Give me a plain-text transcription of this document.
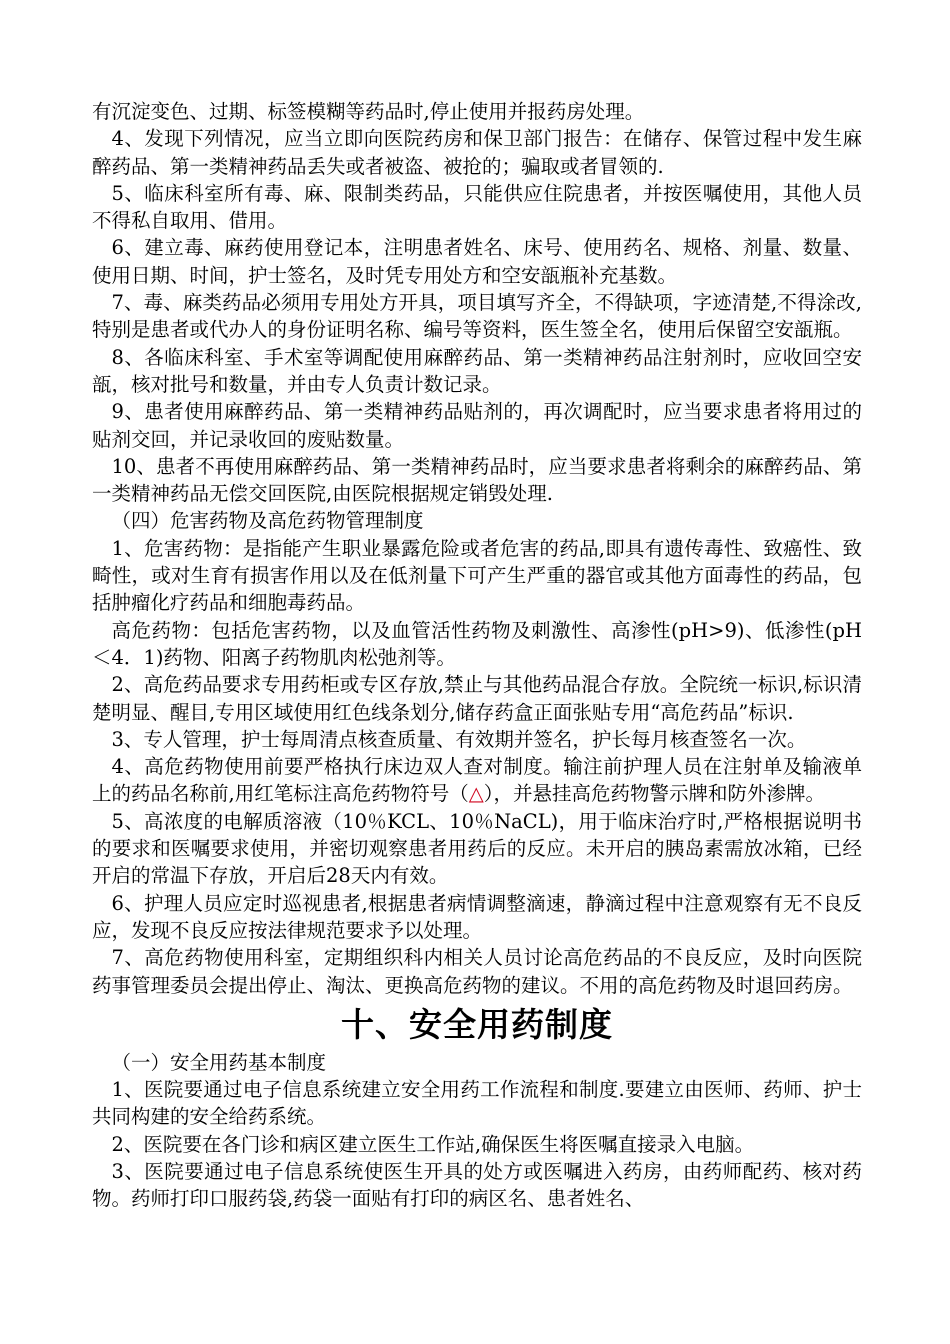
有沉淀变色、过期、标签模糊等药品时,停止使用并报药房处理。

4、发现下列情况，应当立即向医院药房和保卫部门报告：在储存、保管过程中发生麻醉药品、第一类精神药品丢失或者被盗、被抢的；骗取或者冒领的.

5、临床科室所有毒、麻、限制类药品，只能供应住院患者，并按医嘱使用，其他人员不得私自取用、借用。

6、建立毒、麻药使用登记本，注明患者姓名、床号、使用药名、规格、剂量、数量、使用日期、时间，护士签名，及时凭专用处方和空安瓿瓶补充基数。

7、毒、麻类药品必须用专用处方开具，项目填写齐全，不得缺项，字迹清楚,不得涂改,特别是患者或代办人的身份证明名称、编号等资料，医生签全名，使用后保留空安瓿瓶。

8、各临床科室、手术室等调配使用麻醉药品、第一类精神药品注射剂时，应收回空安瓿，核对批号和数量，并由专人负责计数记录。

9、患者使用麻醉药品、第一类精神药品贴剂的，再次调配时，应当要求患者将用过的贴剂交回，并记录收回的废贴数量。

10、患者不再使用麻醉药品、第一类精神药品时，应当要求患者将剩余的麻醉药品、第一类精神药品无偿交回医院,由医院根据规定销毁处理.

（四）危害药物及高危药物管理制度

1、危害药物：是指能产生职业暴露危险或者危害的药品,即具有遗传毒性、致癌性、致畸性，或对生育有损害作用以及在低剂量下可产生严重的器官或其他方面毒性的药品，包括肿瘤化疗药品和细胞毒药品。

高危药物：包括危害药物，以及血管活性药物及刺激性、高渗性(pH>9)、低渗性(pH＜4．1)药物、阳离子药物肌肉松弛剂等。

2、高危药品要求专用药柜或专区存放,禁止与其他药品混合存放。全院统一标识,标识清楚明显、醒目,专用区域使用红色线条划分,储存药盒正面张贴专用“高危药品”标识.

3、专人管理，护士每周清点核查质量、有效期并签名，护长每月核查签名一次。

4、高危药物使用前要严格执行床边双人查对制度。输注前护理人员在注射单及输液单上的药品名称前,用红笔标注高危药物符号（△），并悬挂高危药物警示牌和防外渗牌。

5、高浓度的电解质溶液（10％KCL、10％NaCL)，用于临床治疗时,严格根据说明书的要求和医嘱要求使用，并密切观察患者用药后的反应。未开启的胰岛素需放冰箱，已经开启的常温下存放，开启后28天内有效。

6、护理人员应定时巡视患者,根据患者病情调整滴速，静滴过程中注意观察有无不良反应，发现不良反应按法律规范要求予以处理。

7、高危药物使用科室，定期组织科内相关人员讨论高危药品的不良反应，及时向医院药事管理委员会提出停止、淘汰、更换高危药物的建议。不用的高危药物及时退回药房。

十、安全用药制度

（一）安全用药基本制度

1、医院要通过电子信息系统建立安全用药工作流程和制度.要建立由医师、药师、护士共同构建的安全给药系统。

2、医院要在各门诊和病区建立医生工作站,确保医生将医嘱直接录入电脑。

3、医院要通过电子信息系统使医生开具的处方或医嘱进入药房，由药师配药、核对药物。药师打印口服药袋,药袋一面贴有打印的病区名、患者姓名、
